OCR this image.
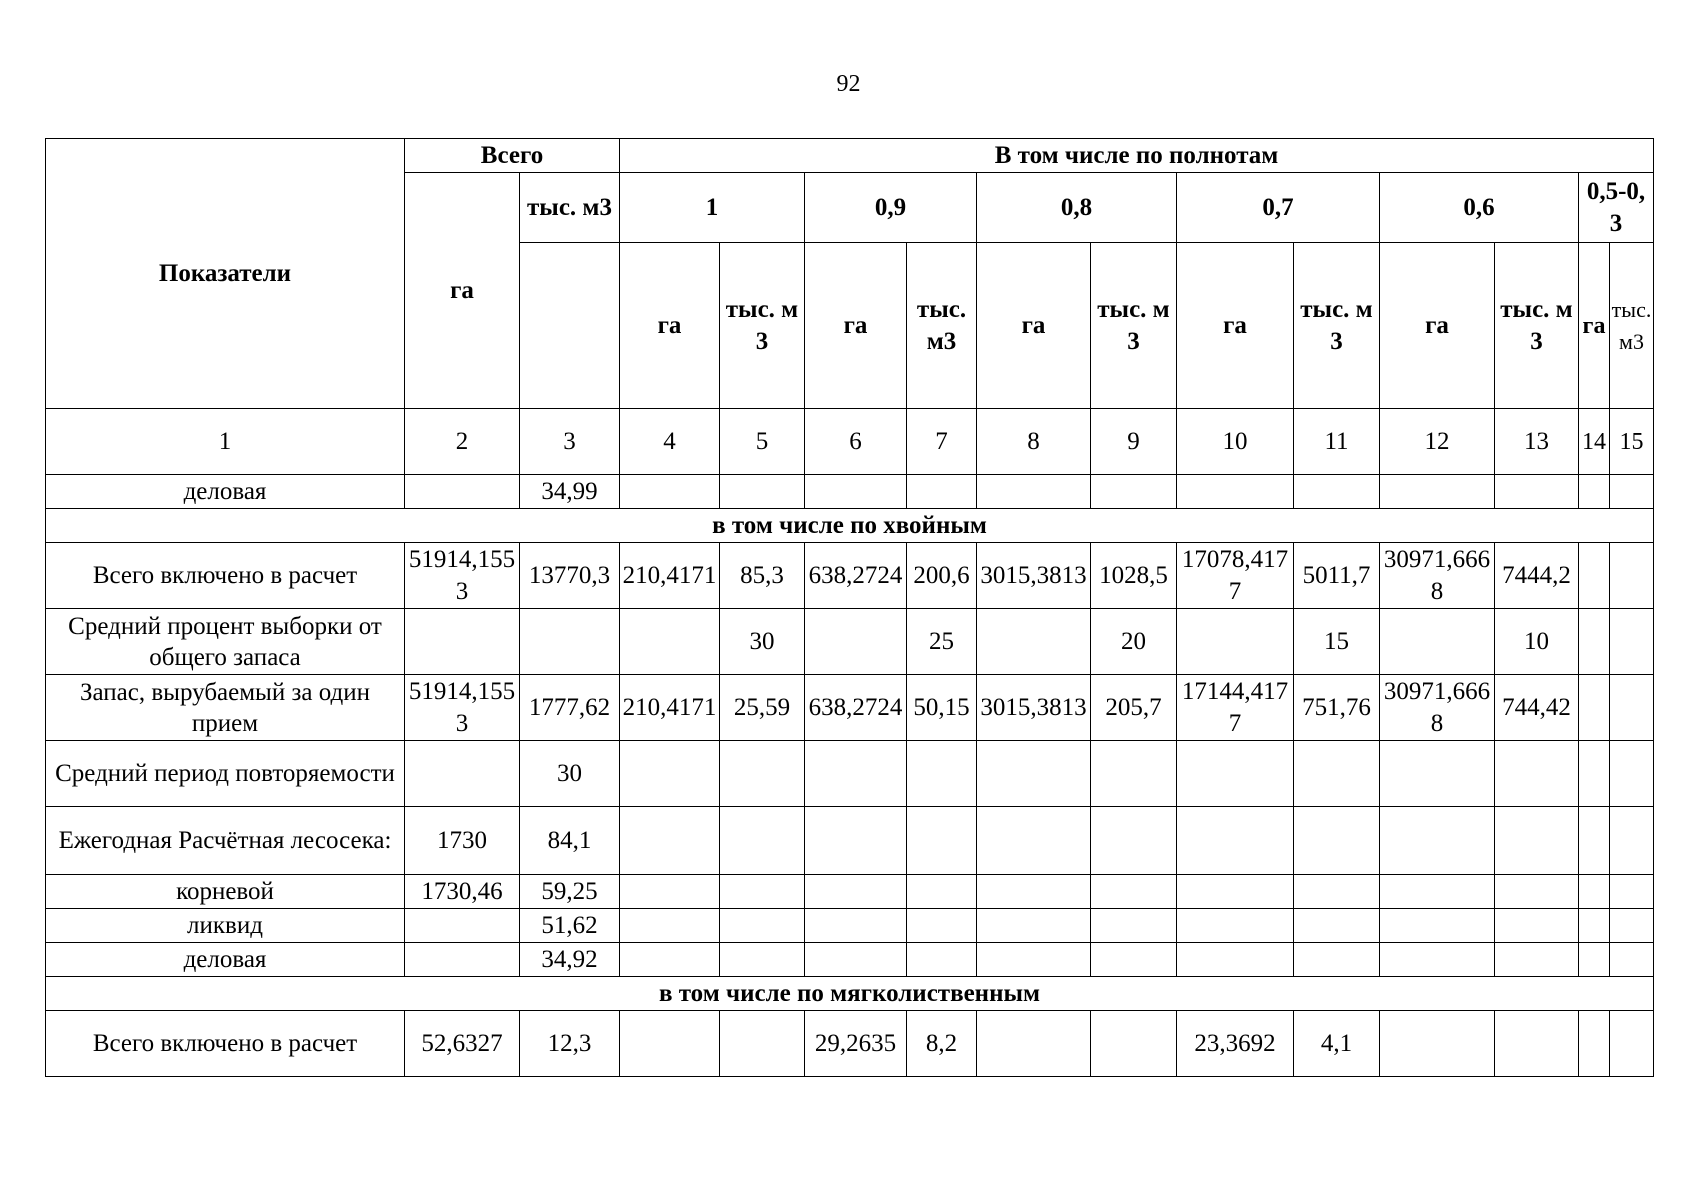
92
Показатели	Всего		В том числе по полнотам											
	га	тыс. м3	1		0,9		0,8		0,7		0,6		0,5-0,3	
			га	тыс. м3	га	тыс. м3	га	тыс. м3	га	тыс. м3	га	тыс. м3	га	тыс. м3
1	2	3	4	5	6	7	8	9	10	11	12	13	14	15
деловая		34,99												
в том числе по хвойным														
Всего включено в расчет	51914,1553	13770,3	210,4171	85,3	638,2724	200,6	3015,3813	1028,5	17078,4177	5011,7	30971,6668	7444,2		
Средний процент выборки от общего запаса				30		25		20		15		10		
Запас, вырубаемый за один прием	51914,1553	1777,62	210,4171	25,59	638,2724	50,15	3015,3813	205,7	17144,4177	751,76	30971,6668	744,42		
Средний период повторяемости		30												
Ежегодная Расчётная лесосека:	1730	84,1												
корневой	1730,46	59,25												
ликвид		51,62												
деловая		34,92												
в том числе по мягколиственным														
Всего включено в расчет	52,6327	12,3			29,2635	8,2			23,3692	4,1				
